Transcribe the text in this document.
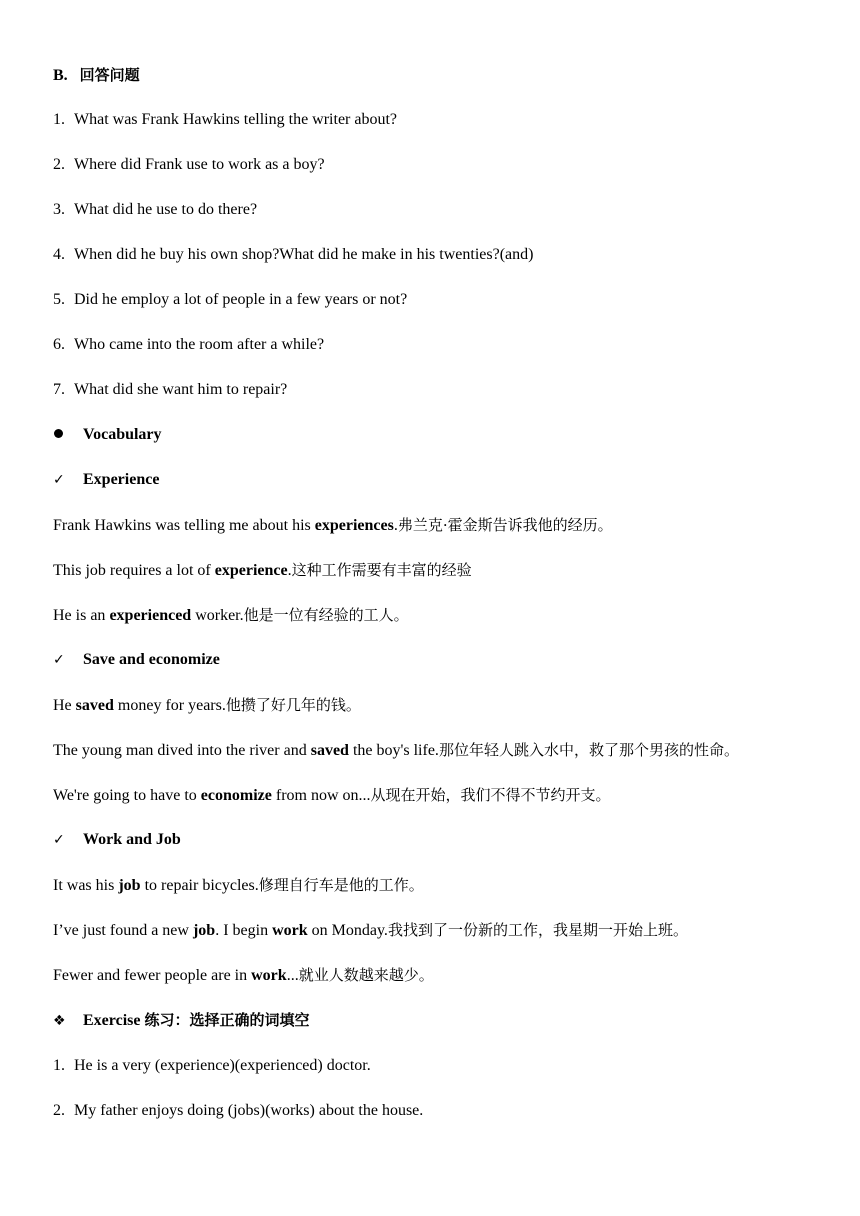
B. 回答问题
1. What was Frank Hawkins telling the writer about?
2. Where did Frank use to work as a boy?
3. What did he use to do there?
4. When did he buy his own shop?What did he make in his twenties?(and)
5. Did he employ a lot of people in a few years or not?
6. Who came into the room after a while?
7. What did she want him to repair?
Vocabulary
✓ Experience
Frank Hawkins was telling me about his experiences.弗兰克·霍金斯告诉我他的经历。
This job requires a lot of experience.这种工作需要有丰富的经验
He is an experienced worker.他是一位有经验的工人。
✓ Save and economize
He saved money for years.他攒了好几年的钱。
The young man dived into the river and saved the boy's life.那位年轻人跳入水中，救了那个男孩的性命。
We're going to have to economize from now on...从现在开始，我们不得不节约开支。
✓ Work and Job
It was his job to repair bicycles.修理自行车是他的工作。
I’ve just found a new job. I begin work on Monday.我找到了一份新的工作，我星期一开始上班。
Fewer and fewer people are in work...就业人数越来越少。
❖ Exercise 练习：选择正确的词填空
1. He is a very (experience)(experienced) doctor.
2. My father enjoys doing (jobs)(works) about the house.
